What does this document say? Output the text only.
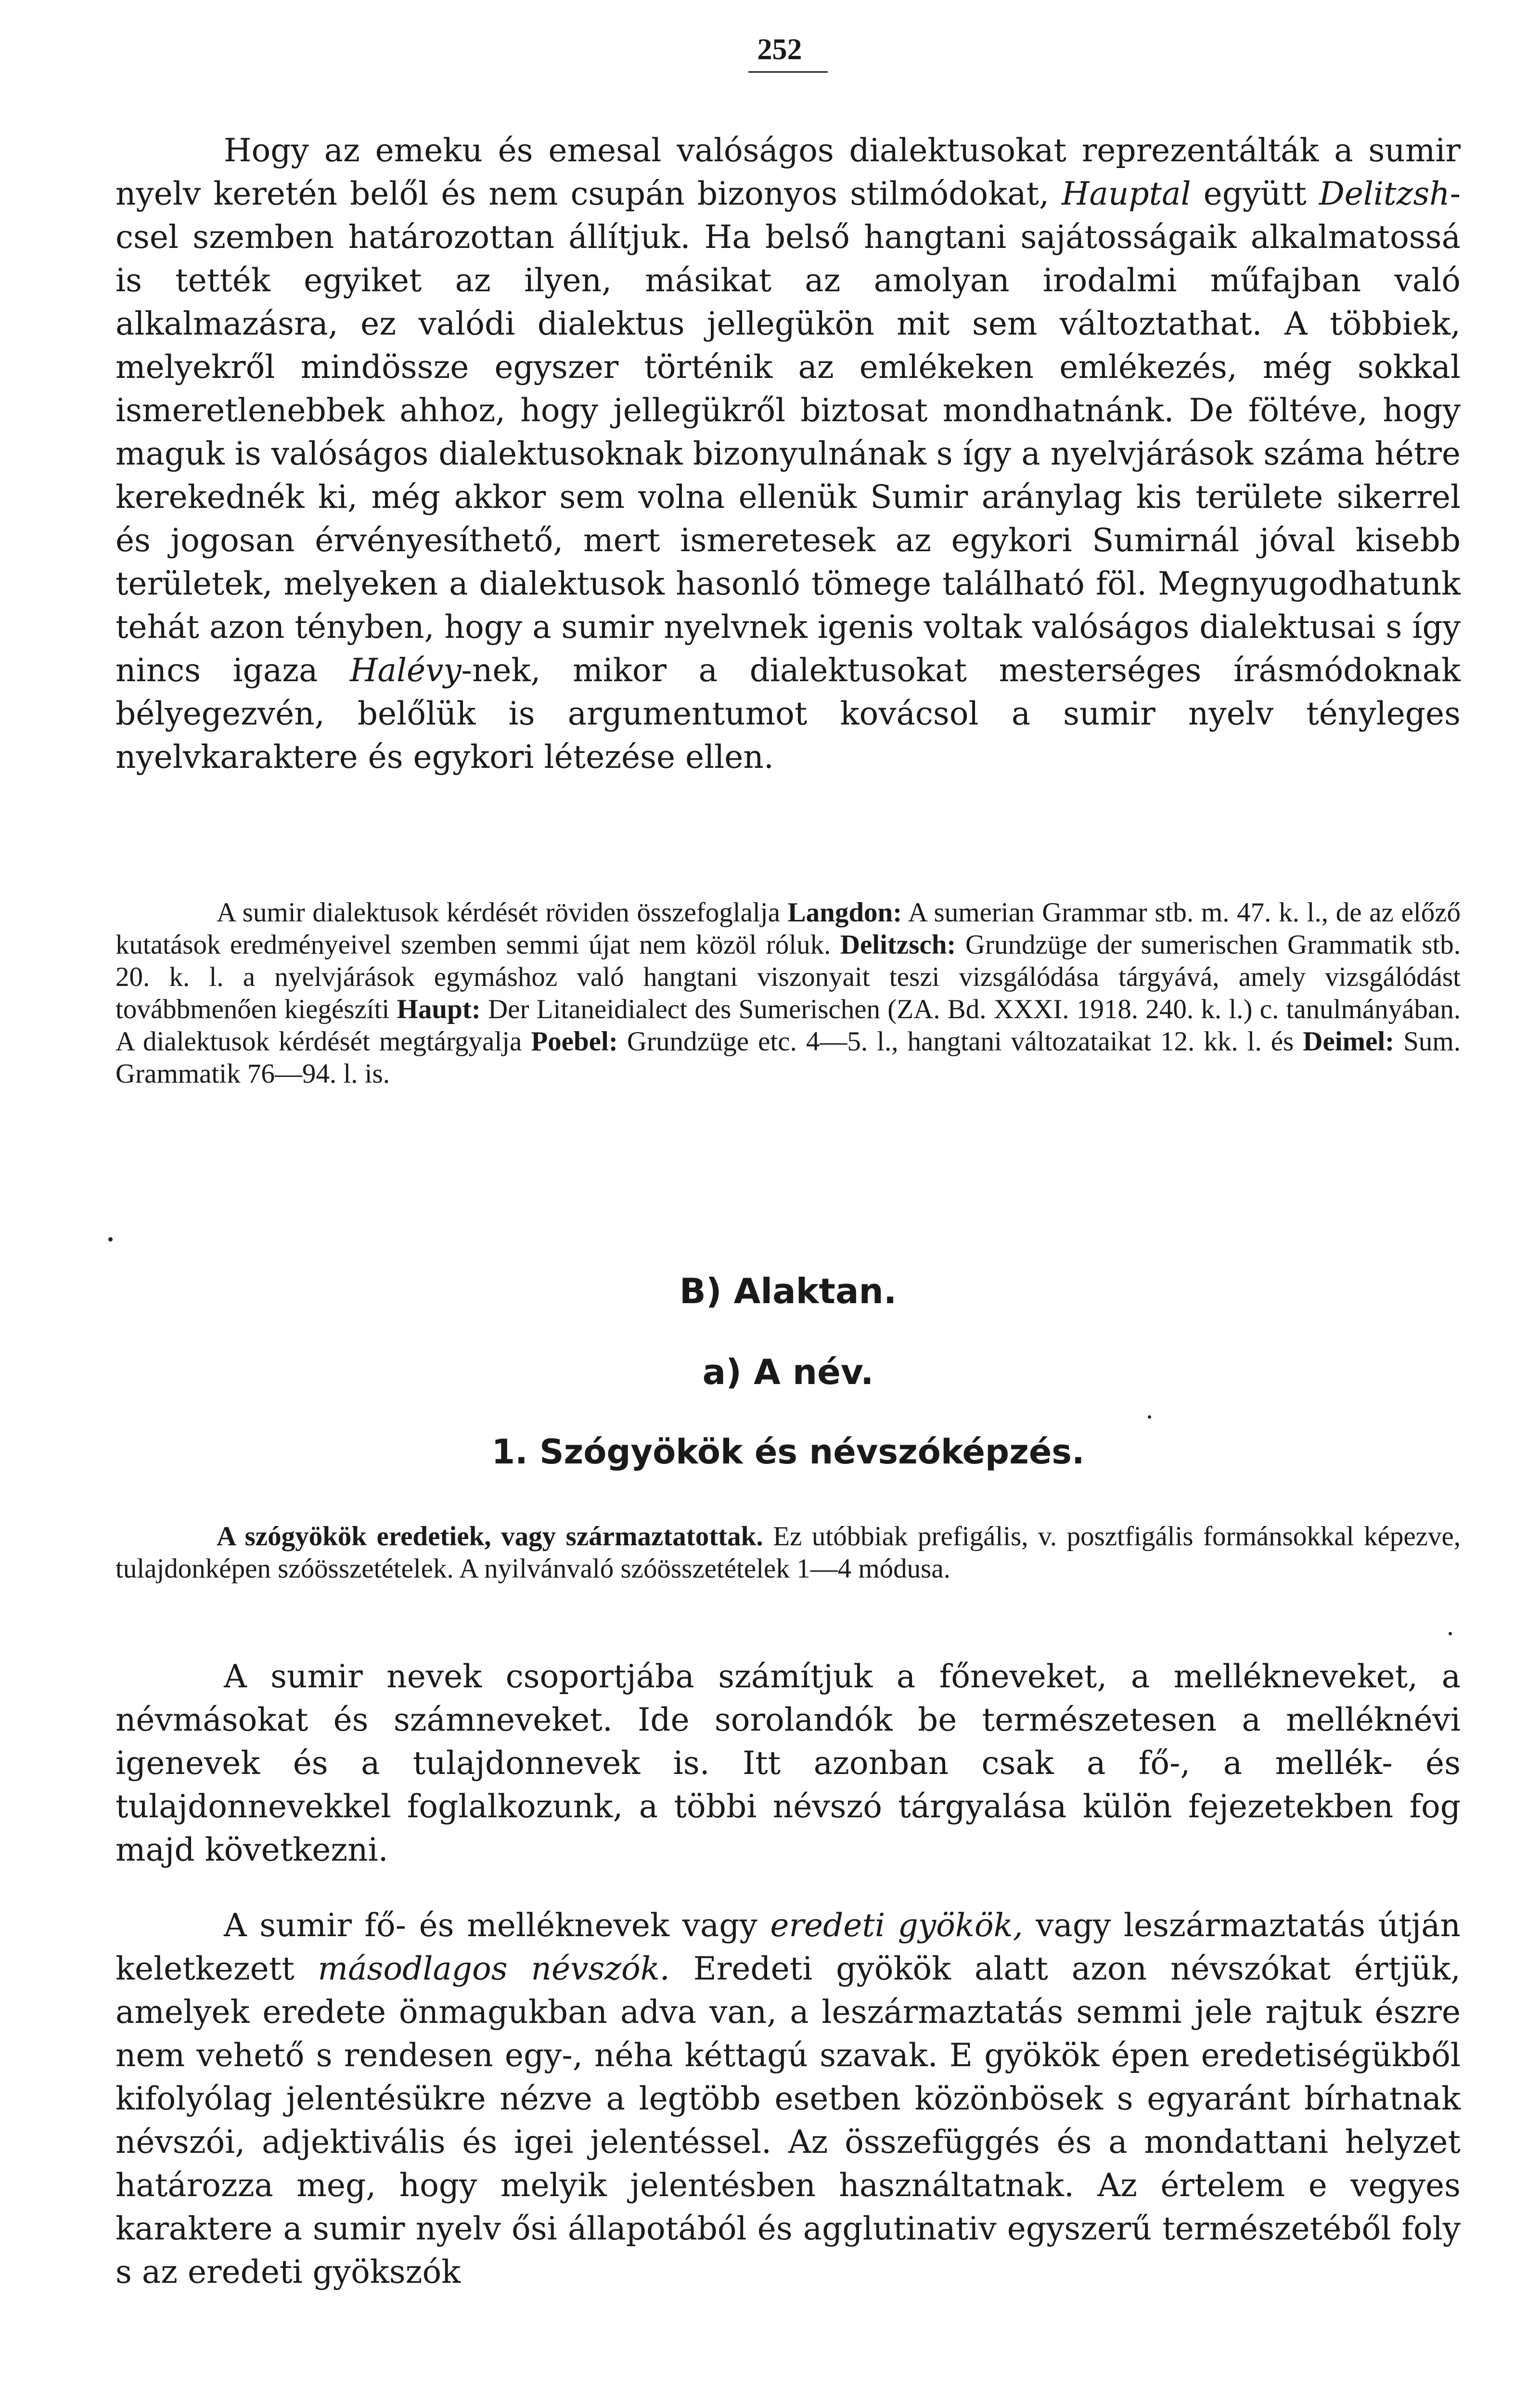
252

Hogy az emeku és emesal valóságos dialektusokat reprezentálták a sumir nyelv keretén belől és nem csupán bizonyos stilmódokat, Hauptal együtt Delitzsh-csel szemben határozottan állítjuk. Ha belső hangtani sajátosságaik alkalmatossá is tették egyiket az ilyen, másikat az amolyan irodalmi műfajban való alkalmazásra, ez valódi dialektus jellegükön mit sem változtathat. A többiek, melyekről mindössze egyszer történik az emlékeken emlékezés, még sokkal ismeretlenebbek ahhoz, hogy jellegükről biztosat mondhatnánk. De föltéve, hogy maguk is valóságos dialektusoknak bizonyulnának s így a nyelvjárások száma hétre kerekednék ki, még akkor sem volna ellenük Sumir aránylag kis területe sikerrel és jogosan érvényesíthető, mert ismeretesek az egykori Sumirnál jóval kisebb területek, melyeken a dialektusok hasonló tömege található föl. Megnyugodhatunk tehát azon tényben, hogy a sumir nyelvnek igenis voltak valóságos dialektusai s így nincs igaza Halévy-nek, mikor a dialektusokat mesterséges írásmódoknak bélyegezvén, belőlük is argumentumot kovácsol a sumir nyelv tényleges nyelvkaraktere és egykori létezése ellen.

A sumir dialektusok kérdését röviden összefoglalja Langdon: A sumerian Grammar stb. m. 47. k. l., de az előző kutatások eredményeivel szemben semmi újat nem közöl róluk. Delitzsch: Grundzüge der sumerischen Grammatik stb. 20. k. l. a nyelvjárások egymáshoz való hangtani viszonyait teszi vizsgálódása tárgyává, amely vizsgálódást továbbmenően kiegészíti Haupt: Der Litaneidialect des Sumerischen (ZA. Bd. XXXI. 1918. 240. k. l.) c. tanulmányában. A dialektusok kérdését megtárgyalja Poebel: Grundzüge etc. 4—5. l., hangtani változataikat 12. kk. l. és Deimel: Sum. Grammatik 76—94. l. is.

B) Alaktan.
a) A név.
1. Szógyökök és névszóképzés.

A szógyökök eredetiek, vagy származtatottak. Ez utóbbiak prefigális, v. posztfigális formánsokkal képezve, tulajdonképen szóösszetételek. A nyilvánvaló szóösszetételek 1—4 módusa.

A sumir nevek csoportjába számítjuk a főneveket, a mellékneveket, a névmásokat és számneveket. Ide sorolandók be természetesen a melléknévi igenevek és a tulajdonnevek is. Itt azonban csak a fő-, a mellék- és tulajdonnevekkel foglalkozunk, a többi névszó tárgyalása külön fejezetekben fog majd következni.

A sumir fő- és melléknevek vagy eredeti gyökök, vagy leszármaztatás útján keletkezett másodlagos névszók. Eredeti gyökök alatt azon névszókat értjük, amelyek eredete önmagukban adva van, a leszármaztatás semmi jele rajtuk észre nem vehető s rendesen egy-, néha kéttagú szavak. E gyökök épen eredetiségükből kifolyólag jelentésükre nézve a legtöbb esetben közönbösek s egyaránt bírhatnak névszói, adjektivális és igei jelentéssel. Az összefüggés és a mondattani helyzet határozza meg, hogy melyik jelentésben használtatnak. Az értelem e vegyes karaktere a sumir nyelv ősi állapotából és agglutinativ egyszerű természetéből foly s az eredeti gyökszók
